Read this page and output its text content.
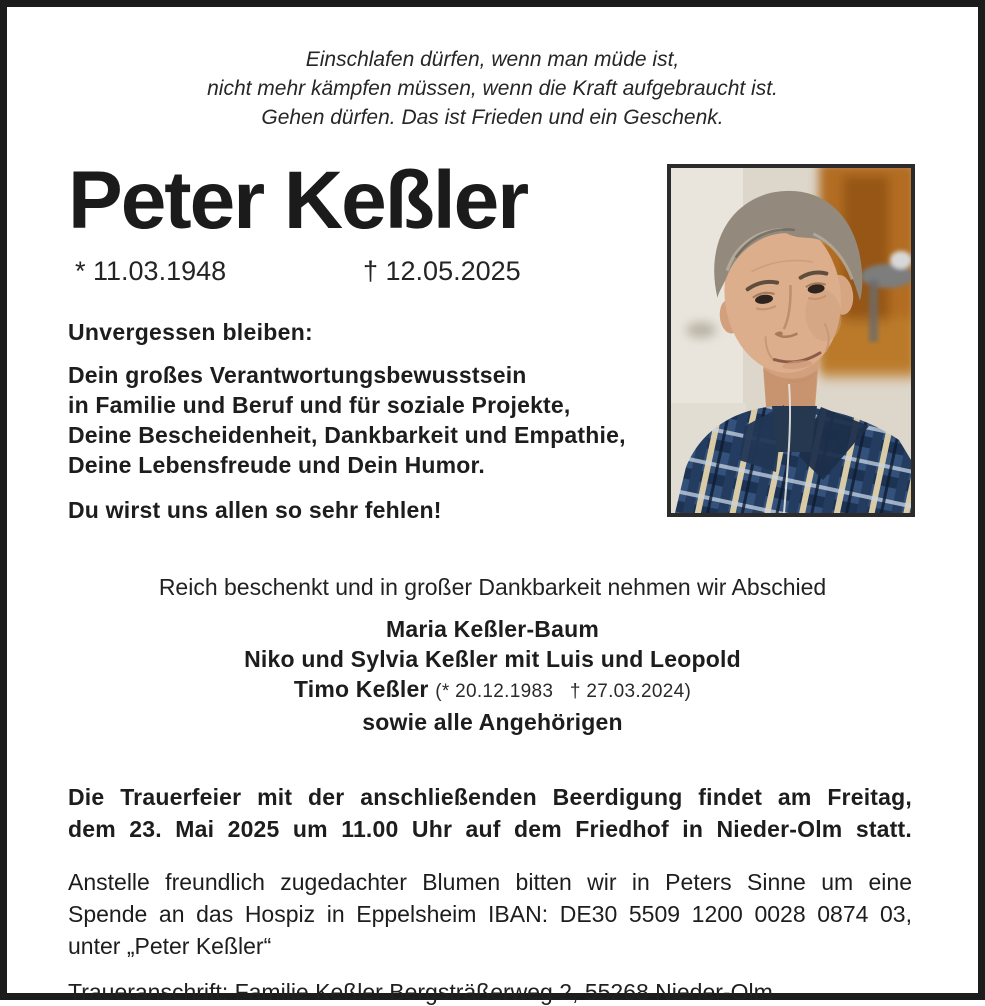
Einschlafen dürfen, wenn man müde ist,
nicht mehr kämpfen müssen, wenn die Kraft aufgebraucht ist.
Gehen dürfen. Das ist Frieden und ein Geschenk.
Peter Keßler
* 11.03.1948	† 12.05.2025
Unvergessen bleiben:
Dein großes Verantwortungsbewusstsein
in Familie und Beruf und für soziale Projekte,
Deine Bescheidenheit, Dankbarkeit und Empathie,
Deine Lebensfreude und Dein Humor.
Du wirst uns allen so sehr fehlen!
Reich beschenkt und in großer Dankbarkeit nehmen wir Abschied
Maria Keßler-Baum
Niko und Sylvia Keßler mit Luis und Leopold
Timo Keßler (* 20.12.1983   † 27.03.2024)
sowie alle Angehörigen
Die Trauerfeier mit der anschließenden Beerdigung findet am Freitag,
dem 23. Mai 2025 um 11.00 Uhr auf dem Friedhof in Nieder-Olm statt.
Anstelle freundlich zugedachter Blumen bitten wir in Peters Sinne um eine
Spende an das Hospiz in Eppelsheim IBAN: DE30 5509 1200 0028 0874 03,
unter „Peter Keßler“
Traueranschrift: Familie Keßler Bergsträßerweg 2, 55268 Nieder-Olm
